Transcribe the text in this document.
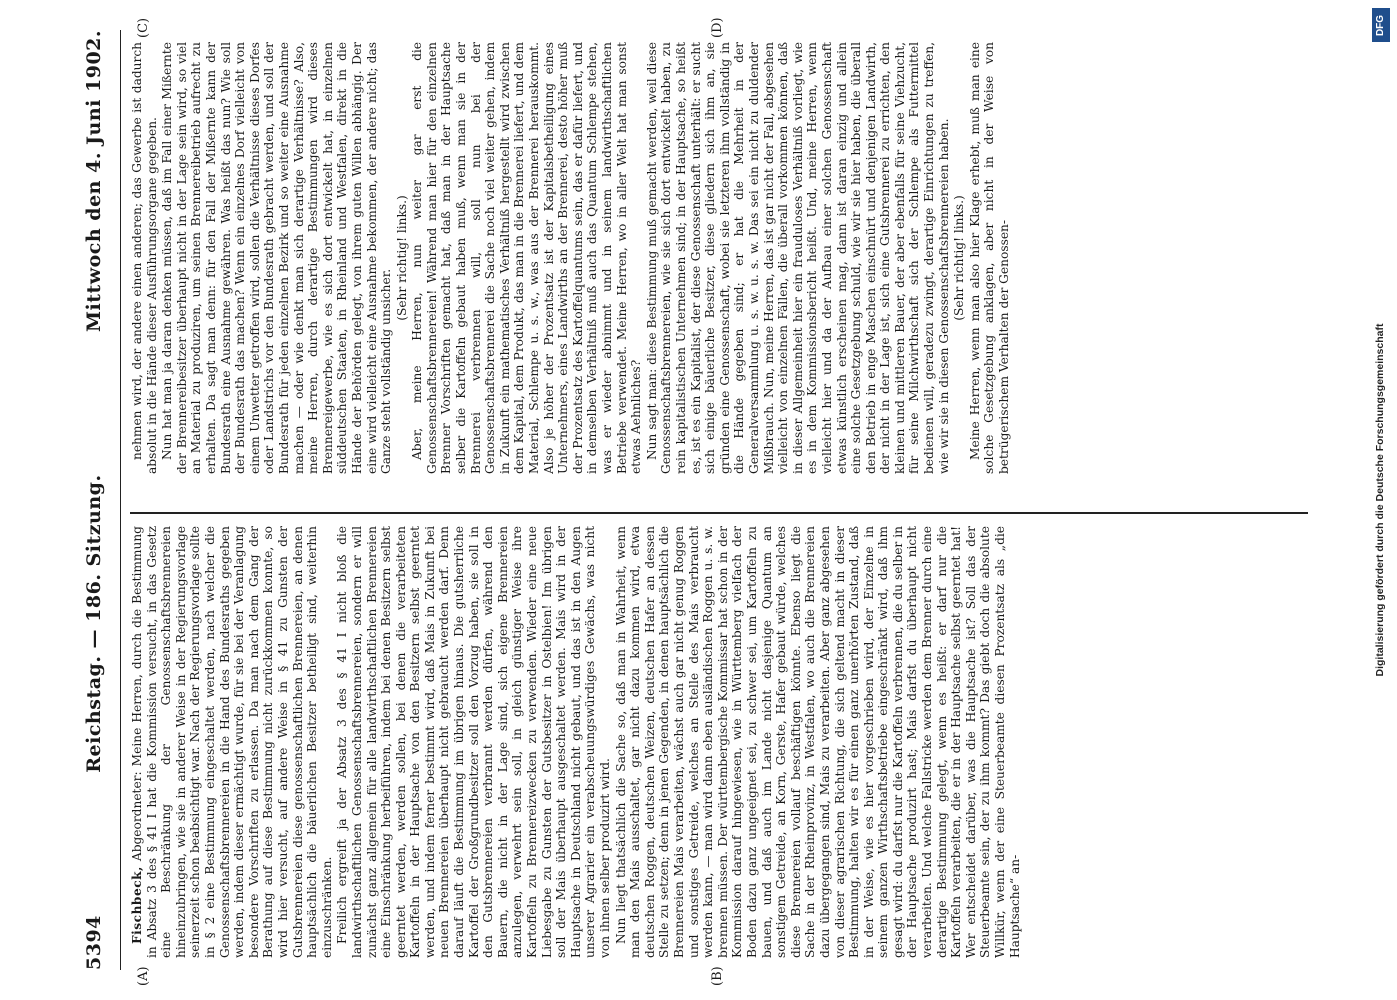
5394
Reichstag. — 186. Sitzung.
Mittwoch den 4. Juni 1902.
(A)	(B)
(C)	(D)

Fischbeck, Abgeordneter: Meine Herren, durch die Bestimmung in Absatz 3 des § 41 I hat die Kommission versucht, in das Gesetz eine Beschränkung der Genossenschaftsbrennereien hineinzubringen, wie sie in anderer Weise in der Regierungsvorlage seinerzeit schon beabsichtigt war. Nach der Regierungsvorlage sollte in § 2 eine Bestimmung eingeschaltet werden, nach welcher die Genossenschaftsbrennereien in die Hand des Bundesraths gegeben werden, indem dieser ermächtigt wurde, für sie bei der Veranlagung besondere Vorschriften zu erlassen. Da man nach dem Gang der Berathung auf diese Bestimmung nicht zurückkommen konnte, so wird hier versucht, auf andere Weise in § 41 zu Gunsten der Gutsbrennereien diese genossenschaftlichen Brennereien, an denen hauptsächlich die bäuerlichen Besitzer betheiligt sind, weiterhin einzuschränken. Freilich ergreift ja der Absatz 3 des § 41 I nicht bloß die landwirthschaftlichen Genossenschaftsbrennereien, sondern er will zunächst ganz allgemein für alle landwirthschaftlichen Brennereien eine Einschränkung herbeiführen, indem bei denen Besitzern selbst geerntet werden, werden sollen, bei denen die verarbeiteten Kartoffeln in der Hauptsache von den Besitzern selbst geerntet werden, und indem ferner bestimmt wird, daß Mais in Zukunft bei neuen Brennereien überhaupt nicht gebraucht werden darf. Denn darauf läuft die Bestimmung im übrigen hinaus. Die gutsherrliche Kartoffel der Großgrundbesitzer soll den Vorzug haben, sie soll in den Gutsbrennereien verbrannt werden dürfen, während den Bauern, die nicht in der Lage sind, sich eigene Brennereien anzulegen, verwehrt sein soll, in gleich günstiger Weise ihre Kartoffeln zu Brennereizwecken zu verwenden. Wieder eine neue Liebesgabe zu Gunsten der Gutsbesitzer in Ostelbien! Im übrigen soll der Mais überhaupt ausgeschaltet werden. Mais wird in der Hauptsache in Deutschland nicht gebaut, und das ist in den Augen unserer Agrarier ein verabscheuungswürdiges Gewächs, was nicht von ihnen selber produzirt wird. Nun liegt thatsächlich die Sache so, daß man in Wahrheit, wenn man den Mais ausschaltet, gar nicht dazu kommen wird, etwa deutschen Roggen, deutschen Weizen, deutschen Hafer an dessen Stelle zu setzen; denn in jenen Gegenden, in denen hauptsächlich die Brennereien Mais verarbeiten, wächst auch gar nicht genug Roggen und sonstiges Getreide, welches an Stelle des Mais verbraucht werden kann, — man wird dann eben ausländischen Roggen u. s. w. brennen müssen. Der württembergische Kommissar hat schon in der Kommission darauf hingewiesen, wie in Württemberg vielfach der Boden dazu ganz ungeeignet sei, zu schwer sei, um Kartoffeln zu bauen, und daß auch im Lande nicht dasjenige Quantum an sonstigem Getreide, an Korn, Gerste, Hafer gebaut würde, welches diese Brennereien vollauf beschäftigen könnte. Ebenso liegt die Sache in der Rheinprovinz, in Westfalen, wo auch die Brennereien dazu übergegangen sind, Mais zu verarbeiten. Aber ganz abgesehen von dieser agrarischen Richtung, die sich geltend macht in dieser Bestimmung, halten wir es für einen ganz unerhörten Zustand, daß in der Weise, wie es hier vorgeschrieben wird, der Einzelne in seinem ganzen Wirthschaftsbetriebe eingeschränkt wird, daß ihm gesagt wird: du darfst nur die Kartoffeln verbrennen, die du selber in der Hauptsache produzirt hast; Mais darfst du überhaupt nicht verarbeiten. Und welche Fallstricke werden dem Brenner durch eine derartige Bestimmung gelegt, wenn es heißt: er darf nur die Kartoffeln verarbeiten, die er in der Hauptsache selbst geerntet hat! Wer entscheidet darüber, was die Hauptsache ist? Soll das der Steuerbeamte sein, der zu ihm kommt? Das giebt doch die absolute Willkür, wenn der eine Steuerbeamte diesen Prozentsatz als „die Hauptsache“ an-

nehmen wird, der andere einen anderen; das Gewerbe ist dadurch absolut in die Hände dieser Ausführungsorgane gegeben. Nun hat man ja daran denken müssen, daß im Fall einer Mißernte der Brennereibesitzer überhaupt nicht in der Lage sein wird, so viel an Material zu produziren, um seinen Brennereibetrieb aufrecht zu erhalten. Da sagt man denn: für den Fall der Mißernte kann der Bundesrath eine Ausnahme gewähren. Was heißt das nun? Wie soll der Bundesrath das machen? Wenn ein einzelnes Dorf vielleicht von einem Unwetter getroffen wird, sollen die Verhältnisse dieses Dorfes oder Landstrichs vor den Bundesrath gebracht werden, und soll der Bundesrath für jeden einzelnen Bezirk und so weiter eine Ausnahme machen — oder wie denkt man sich derartige Verhältnisse? Also, meine Herren, durch derartige Bestimmungen wird dieses Brennereigewerbe, wie es sich dort entwickelt hat, in einzelnen süddeutschen Staaten, in Rheinland und Westfalen, direkt in die Hände der Behörden gelegt, von ihrem guten Willen abhängig. Der eine wird vielleicht eine Ausnahme bekommen, der andere nicht; das Ganze steht vollständig unsicher.

(Sehr richtig! links.) Aber, meine Herren, nun weiter gar erst die Genossenschaftsbrennereien! Während man hier für den einzelnen Brenner Vorschriften gemacht hat, daß man in der Hauptsache selber die Kartoffeln gebaut haben muß, wenn man sie in der Brennerei verbrennen will, soll nun bei der Genossenschaftsbrennerei die Sache noch viel weiter gehen, indem in Zukunft ein mathematisches Verhältniß hergestellt wird zwischen dem Kapital, dem Produkt, das man in die Brennerei liefert, und dem Material, Schlempe u. s. w., was aus der Brennerei herauskommt. Also je höher der Prozentsatz ist der Kapitalsbetheiligung eines Unternehmers, eines Landwirths an der Brennerei, desto höher muß der Prozentsatz des Kartoffelquantums sein, das er dafür liefert, und in demselben Verhältniß muß auch das Quantum Schlempe stehen, was er wieder abnimmt und in seinem landwirthschaftlichen Betriebe verwendet. Meine Herren, wo in aller Welt hat man sonst etwas Aehnliches? Nun sagt man: diese Bestimmung muß gemacht werden, weil diese Genossenschaftsbrennereien, wie sie sich dort entwickelt haben, zu rein kapitalistischen Unternehmen sind; in der Hauptsache, so heißt es, ist es ein Kapitalist, der diese Genossenschaft unterhält: er sucht sich einige bäuerliche Besitzer, diese gliedern sich ihm an, sie gründen eine Genossenschaft, wobei sie letzteren ihm vollständig in die Hände gegeben sind; er hat die Mehrheit in der Generalversammlung u. s. w. u. s. w. Das sei ein nicht zu duldender Mißbrauch. Nun, meine Herren, das ist gar nicht der Fall, abgesehen vielleicht von einzelnen Fällen, die überall vorkommen können, daß in dieser Allgemeinheit hier ein frauduloses Verhältniß vorliegt, wie es in dem Kommissionsbericht heißt. Und, meine Herren, wenn vielleicht hier und da der Aufbau einer solchen Genossenschaft etwas künstlich erscheinen mag, dann ist daran einzig und allein eine solche Gesetzgebung schuld, wie wir sie hier haben, die überall den Betrieb in enge Maschen einschnürt und denjenigen Landwirth, der nicht in der Lage ist, sich eine Gutsbrennerei zu errichten, den kleinen und mittleren Bauer, der aber ebenfalls für seine Viehzucht, für seine Milchwirthschaft sich der Schlempe als Futtermittel bedienen will, geradezu zwingt, derartige Einrichtungen zu treffen, wie wir sie in diesen Genossenschaftsbrennereien haben. (Sehr richtig! links.) Meine Herren, wenn man also hier Klage erhebt, muß man eine solche Gesetzgebung anklagen, aber nicht in der Weise von betrügerischem Verhalten der Genossen-

DFG
Digitalisierung gefördert durch die Deutsche Forschungsgemeinschaft
